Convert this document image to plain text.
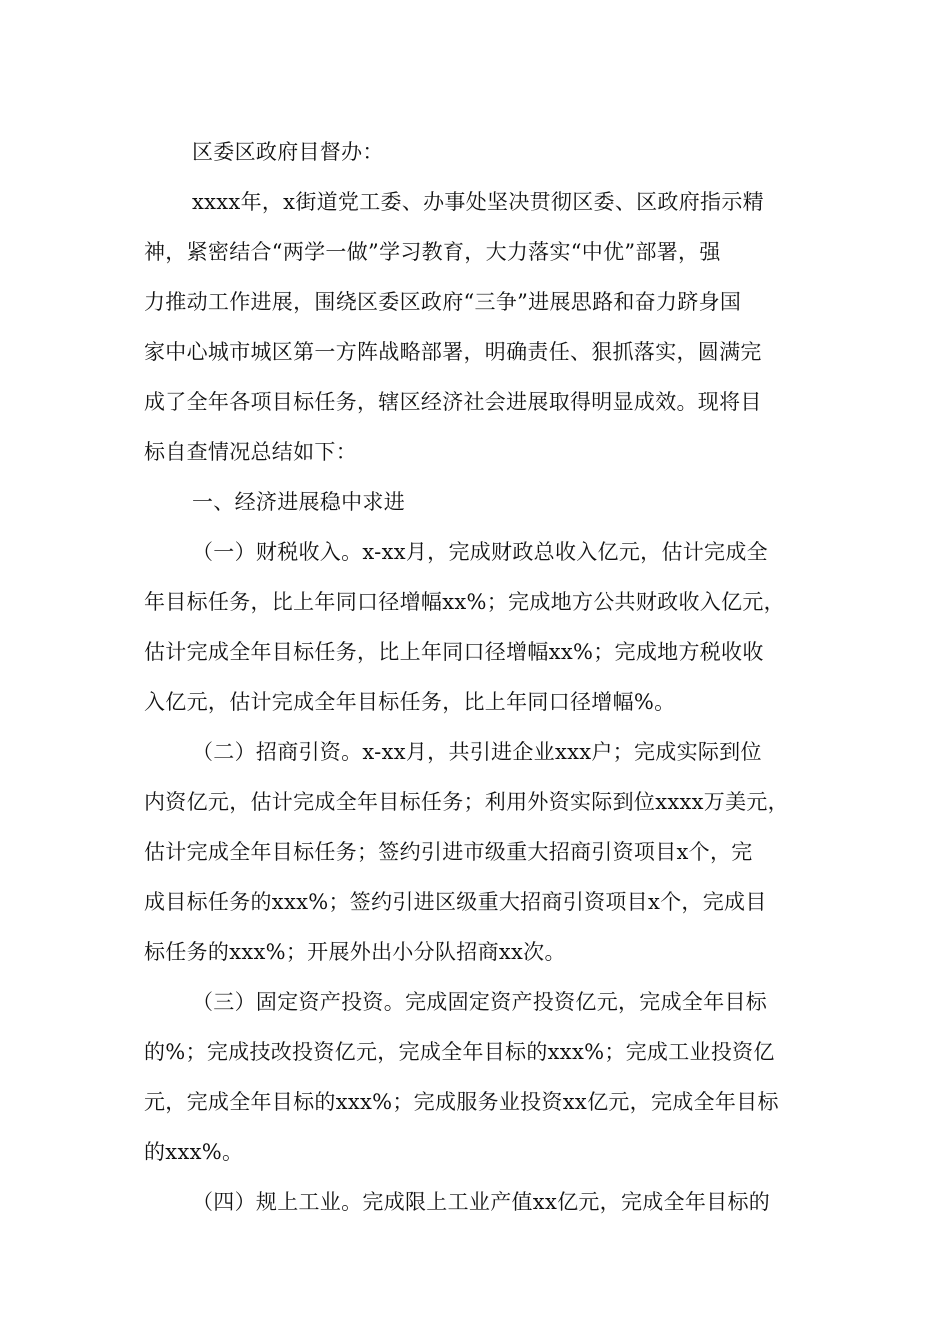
区委区政府目督办：
xxxx年，x街道党工委、办事处坚决贯彻区委、区政府指示精
神，紧密结合“两学一做”学习教育，大力落实“中优”部署，强
力推动工作进展，围绕区委区政府“三争”进展思路和奋力跻身国
家中心城市城区第一方阵战略部署，明确责任、狠抓落实，圆满完
成了全年各项目标任务，辖区经济社会进展取得明显成效。现将目
标自查情况总结如下：
一、经济进展稳中求进
（一）财税收入。x-xx月，完成财政总收入亿元，估计完成全
年目标任务，比上年同口径增幅xx%；完成地方公共财政收入亿元，
估计完成全年目标任务，比上年同口径增幅xx%；完成地方税收收
入亿元，估计完成全年目标任务，比上年同口径增幅%。
（二）招商引资。x-xx月，共引进企业xxx户；完成实际到位
内资亿元，估计完成全年目标任务；利用外资实际到位xxxx万美元，
估计完成全年目标任务；签约引进市级重大招商引资项目x个，完
成目标任务的xxx%；签约引进区级重大招商引资项目x个，完成目
标任务的xxx%；开展外出小分队招商xx次。
（三）固定资产投资。完成固定资产投资亿元，完成全年目标
的%；完成技改投资亿元，完成全年目标的xxx%；完成工业投资亿
元，完成全年目标的xxx%；完成服务业投资xx亿元，完成全年目标
的xxx%。
（四）规上工业。完成限上工业产值xx亿元，完成全年目标的
